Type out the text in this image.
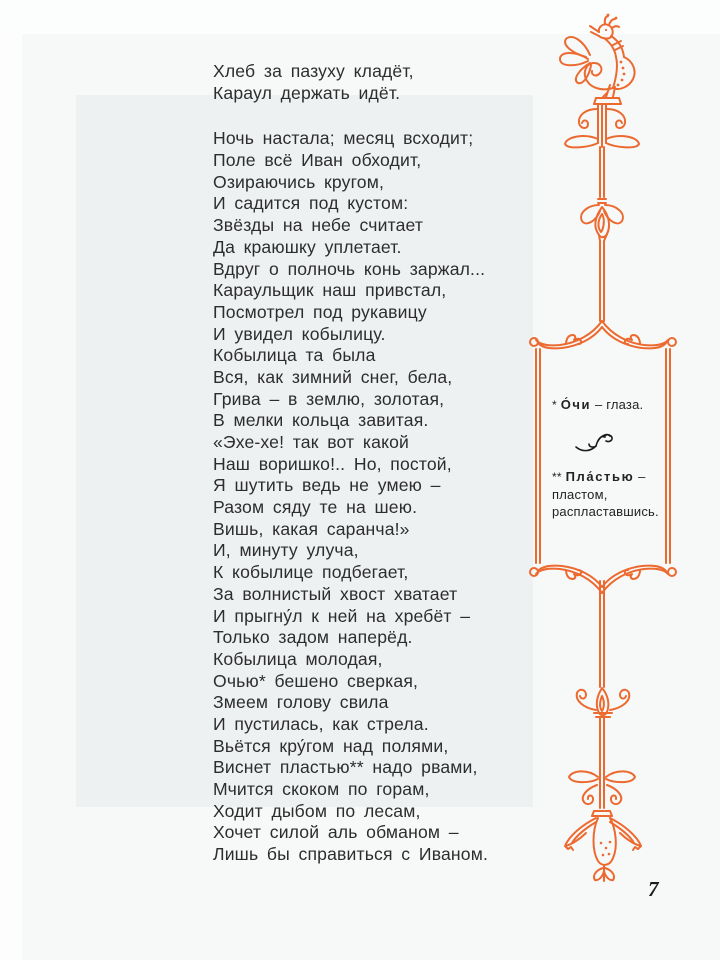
Хлеб за пазуху кладёт,
Караул держать идёт.
Ночь настала; месяц всходит;
Поле всё Иван обходит,
Озираючись кругом,
И садится под кустом:
Звёзды на небе считает
Да краюшку уплетает.
Вдруг о полночь конь заржал...
Караульщик наш привстал,
Посмотрел под рукавицу
И увидел кобылицу.
Кобылица та была
Вся, как зимний снег, бела,
Грива – в землю, золотая,
В мелки кольца завитая.
«Эхе-хе! так вот какой
Наш воришко!.. Но, постой,
Я шутить ведь не умею –
Разом сяду те на шею.
Вишь, какая саранча!»
И, минуту улуча,
К кобылице подбегает,
За волнистый хвост хватает
И прыгну́л к ней на хребёт –
Только задом наперёд.
Кобылица молодая,
Очью* бешено сверкая,
Змеем голову свила
И пустилась, как стрела.
Вьётся кру́гом над полями,
Виснет пластью** надо рвами,
Мчится скоком по горам,
Ходит дыбом по лесам,
Хочет силой аль обманом –
Лишь бы справиться с Иваном.
* О́чи – глаза.
** Пла́стью – пластом, распластавшись.
7
